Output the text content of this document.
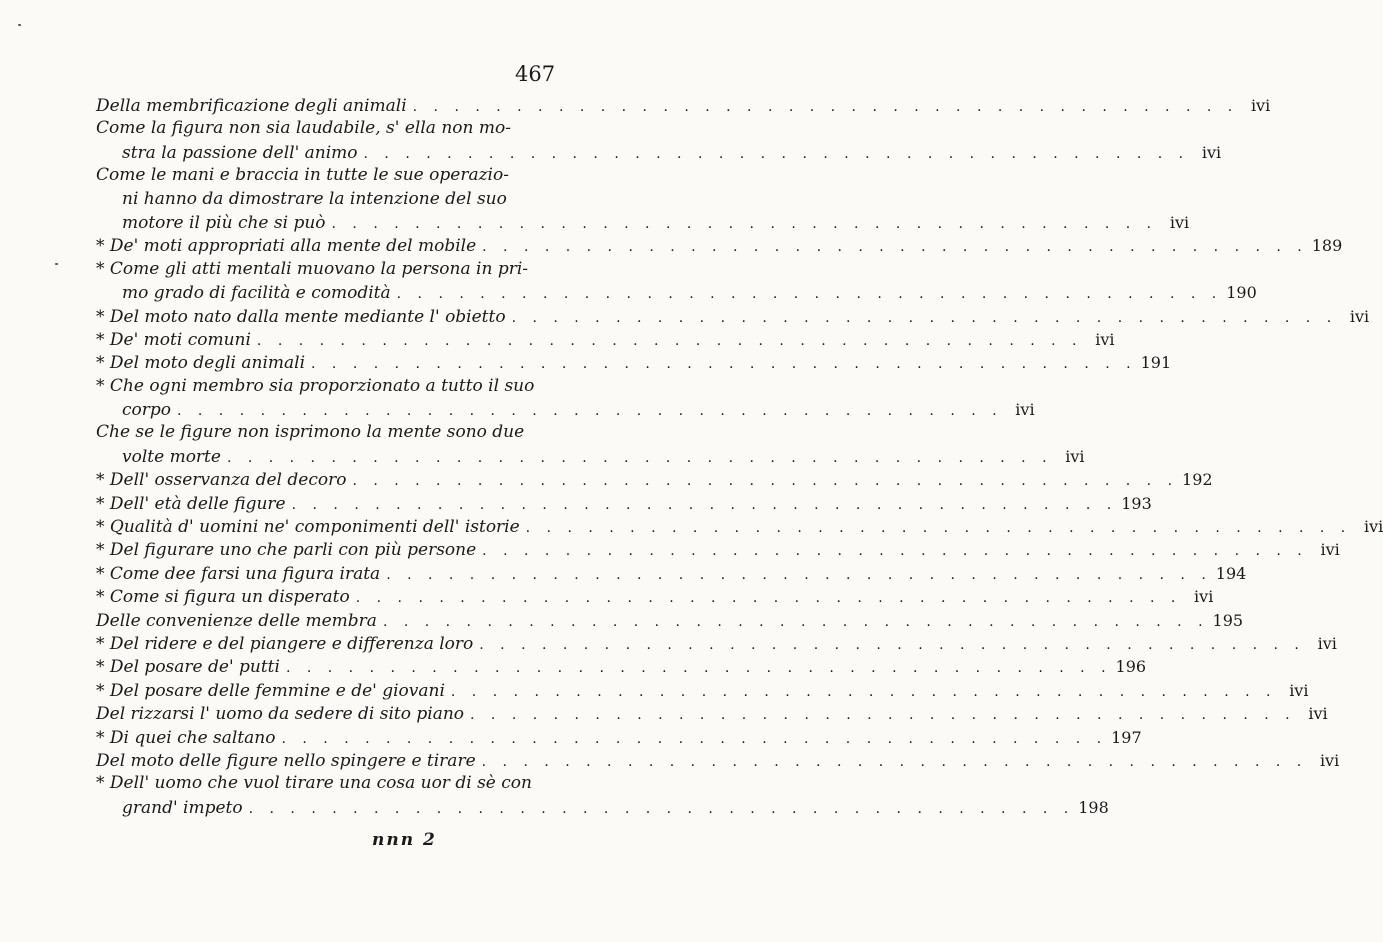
467
Della membrificazione degli animali . . . . . . . . . . . . . . . . . . . . . . . . . . . . . . . . . . . . . . . . ivi
Come la figura non sia laudabile, s' ella non mo-
stra la passione dell' animo . . . . . . . . . . . . . . . . . . . . . . . . . . . . . . . . . . . . . . . . ivi
Come le mani e braccia in tutte le sue operazio-
ni hanno da dimostrare la intenzione del suo
motore il più che si può . . . . . . . . . . . . . . . . . . . . . . . . . . . . . . . . . . . . . . . . ivi
* De' moti appropriati alla mente del mobile . . . . . . . . . . . . . . . . . . . . . . . . . . . . . . . . . . . . . . . . 189
* Come gli atti mentali muovano la persona in pri-
mo grado di facilità e comodità . . . . . . . . . . . . . . . . . . . . . . . . . . . . . . . . . . . . . . . . 190
* Del moto nato dalla mente mediante l' obietto . . . . . . . . . . . . . . . . . . . . . . . . . . . . . . . . . . . . . . . . ivi
* De' moti comuni . . . . . . . . . . . . . . . . . . . . . . . . . . . . . . . . . . . . . . . . ivi
* Del moto degli animali . . . . . . . . . . . . . . . . . . . . . . . . . . . . . . . . . . . . . . . . 191
* Che ogni membro sia proporzionato a tutto il suo
corpo . . . . . . . . . . . . . . . . . . . . . . . . . . . . . . . . . . . . . . . . ivi
Che se le figure non isprimono la mente sono due
volte morte . . . . . . . . . . . . . . . . . . . . . . . . . . . . . . . . . . . . . . . . ivi
* Dell' osservanza del decoro . . . . . . . . . . . . . . . . . . . . . . . . . . . . . . . . . . . . . . . . 192
* Dell' età delle figure . . . . . . . . . . . . . . . . . . . . . . . . . . . . . . . . . . . . . . . . 193
* Qualità d' uomini ne' componimenti dell' istorie . . . . . . . . . . . . . . . . . . . . . . . . . . . . . . . . . . . . . . . . ivi
* Del figurare uno che parli con più persone . . . . . . . . . . . . . . . . . . . . . . . . . . . . . . . . . . . . . . . . ivi
* Come dee farsi una figura irata . . . . . . . . . . . . . . . . . . . . . . . . . . . . . . . . . . . . . . . . 194
* Come si figura un disperato . . . . . . . . . . . . . . . . . . . . . . . . . . . . . . . . . . . . . . . . ivi
Delle convenienze delle membra . . . . . . . . . . . . . . . . . . . . . . . . . . . . . . . . . . . . . . . . 195
* Del ridere e del piangere e differenza loro . . . . . . . . . . . . . . . . . . . . . . . . . . . . . . . . . . . . . . . . ivi
* Del posare de' putti . . . . . . . . . . . . . . . . . . . . . . . . . . . . . . . . . . . . . . . . 196
* Del posare delle femmine e de' giovani . . . . . . . . . . . . . . . . . . . . . . . . . . . . . . . . . . . . . . . . ivi
Del rizzarsi l' uomo da sedere di sito piano . . . . . . . . . . . . . . . . . . . . . . . . . . . . . . . . . . . . . . . . ivi
* Di quei che saltano . . . . . . . . . . . . . . . . . . . . . . . . . . . . . . . . . . . . . . . . 197
Del moto delle figure nello spingere e tirare . . . . . . . . . . . . . . . . . . . . . . . . . . . . . . . . . . . . . . . . ivi
* Dell' uomo che vuol tirare una cosa uor di sè con
grand' impeto . . . . . . . . . . . . . . . . . . . . . . . . . . . . . . . . . . . . . . . . 198
nnn 2
